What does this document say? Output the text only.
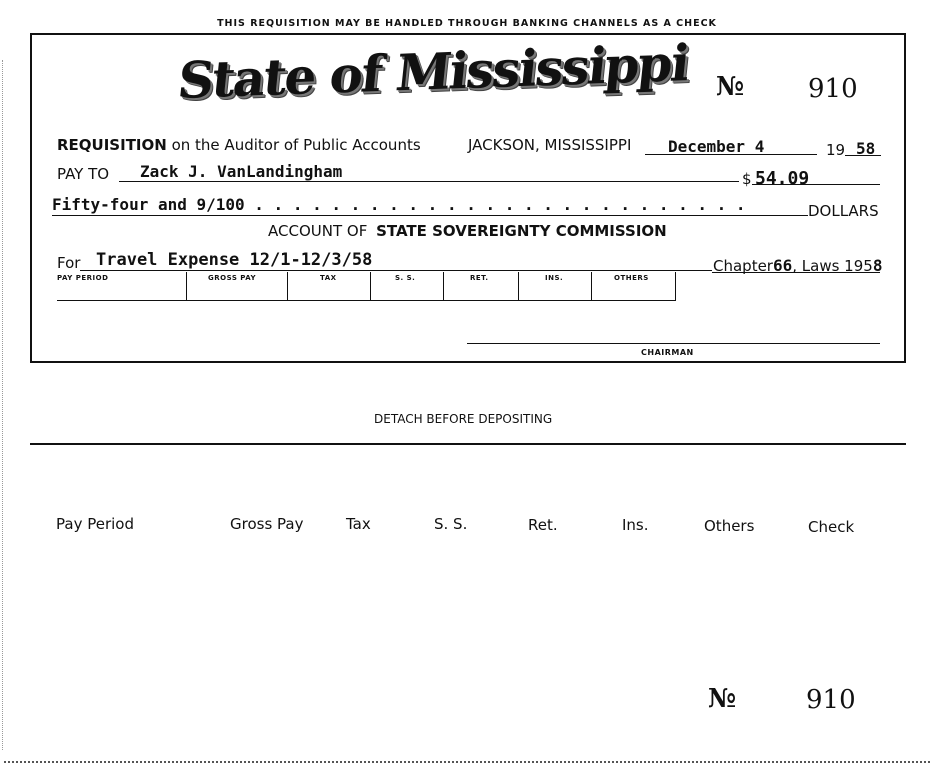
THIS REQUISITION MAY BE HANDLED THROUGH BANKING CHANNELS AS A CHECK
State of Mississippi № 910
REQUISITION on the Auditor of Public Accounts	JACKSON, MISSISSIPPI December 4	19 58
PAY TO Zack J. VanLandingham	$ 54.09
Fifty-four and 9/100 . . . . . . . . . . . . . . . . . . . . . . . . . .	DOLLARS
ACCOUNT OF STATE SOVEREIGNTY COMMISSION
For Travel Expense 12/1-12/3/58	Chapter66, Laws 1958
PAY PERIOD	GROSS PAY	TAX	S. S.	RET.	INS.	OTHERS
CHAIRMAN
DETACH BEFORE DEPOSITING
Pay Period	Gross Pay	Tax	S. S.	Ret.	Ins.	Others	Check
№	910
